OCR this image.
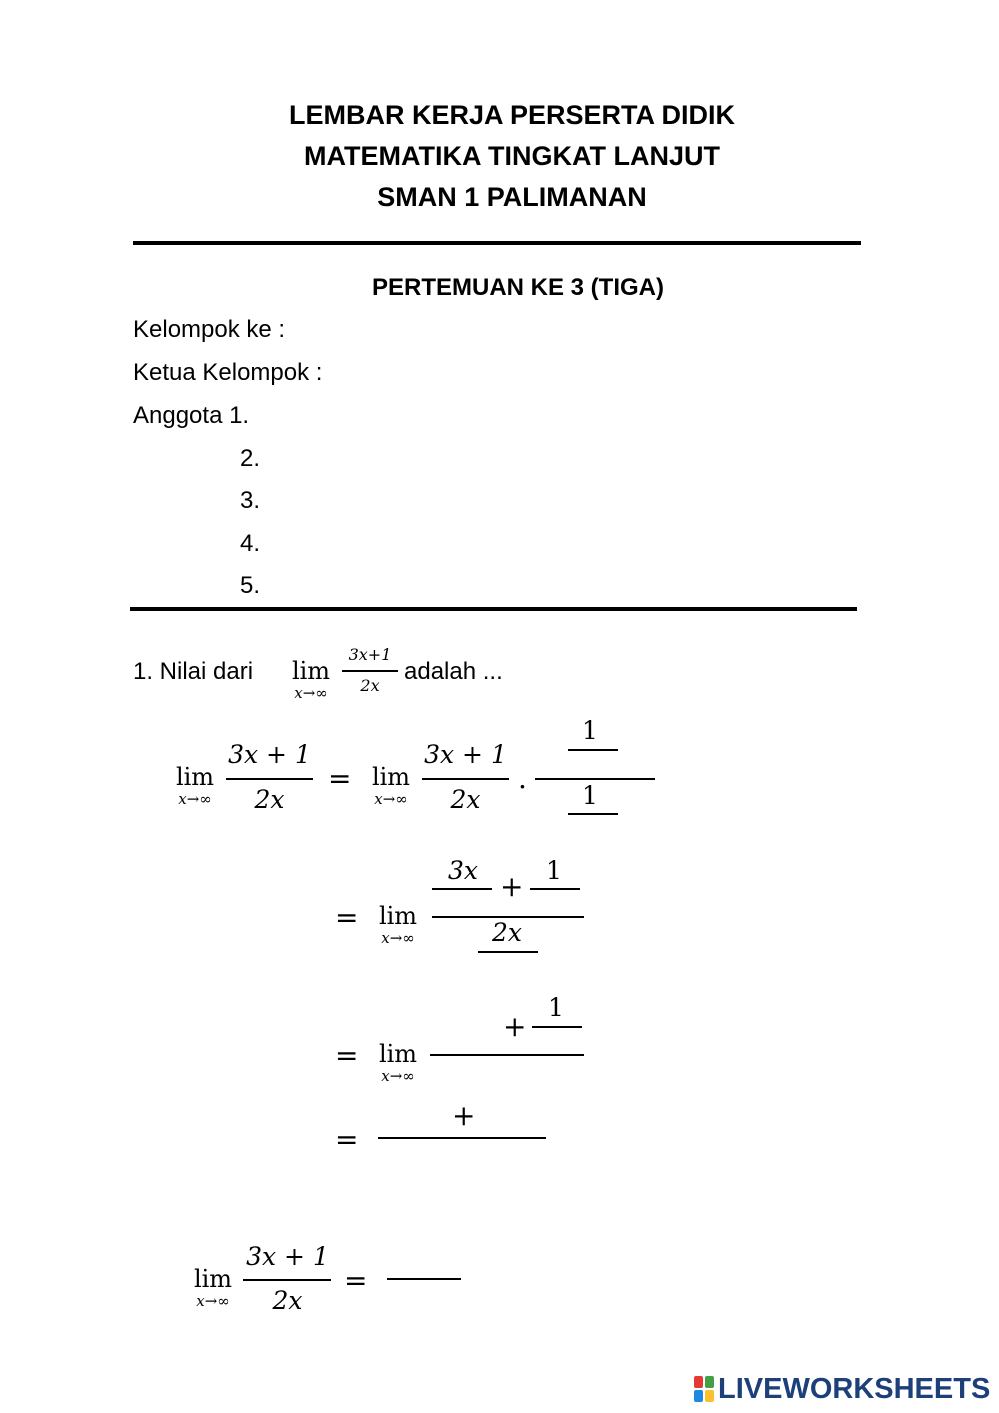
LEMBAR KERJA PERSERTA DIDIK
MATEMATIKA TINGKAT LANJUT
SMAN 1 PALIMANAN
PERTEMUAN KE 3 (TIGA)
Kelompok ke :
Ketua Kelompok :
Anggota 1.
2.
3.
4.
5.
1. Nilai dari	lim
x→∞
3x+1
2x
adalah ...
lim
x→∞
3x + 1
2x
= lim
x→∞
3x + 1
2x
.
1
1
= lim
x→∞
3x + 1
2x
= lim
x→∞
+
1
=
+
lim
x→∞
3x + 1
2x
=
LIVEWORKSHEETS
